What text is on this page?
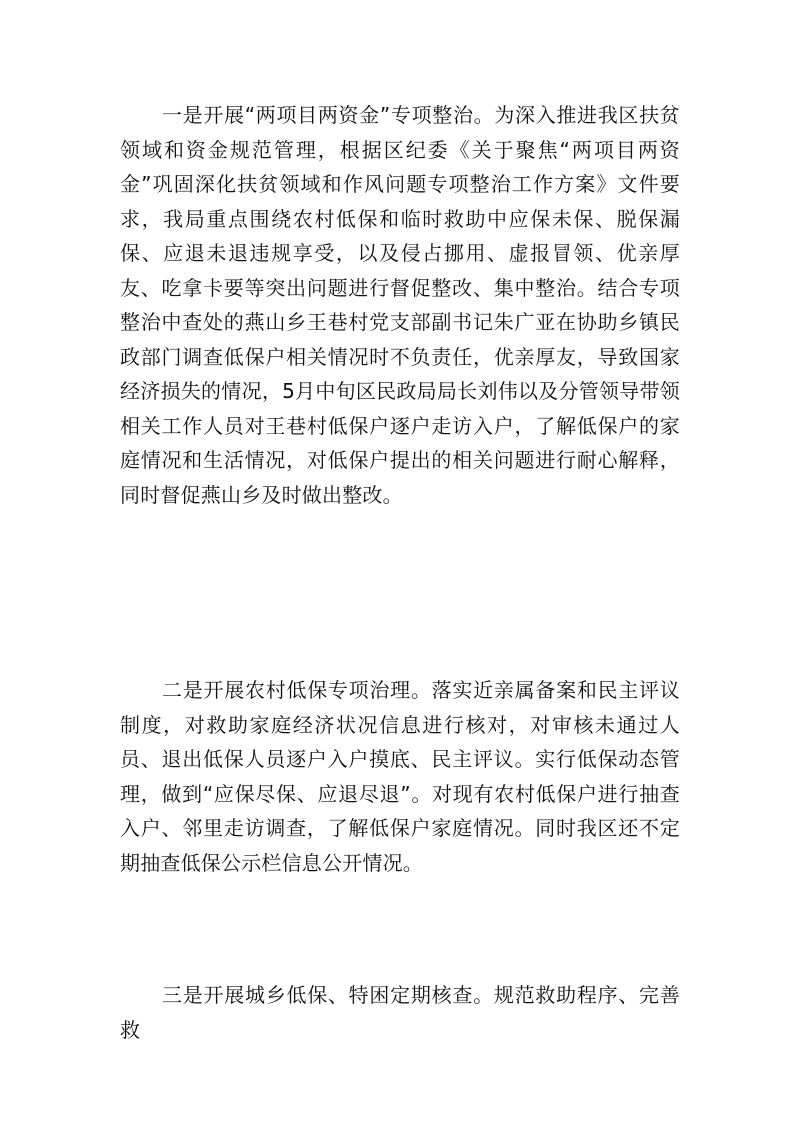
一是开展“两项目两资金”专项整治。为深入推进我区扶贫领域和资金规范管理，根据区纪委《关于聚焦“两项目两资金”巩固深化扶贫领域和作风问题专项整治工作方案》文件要求，我局重点围绕农村低保和临时救助中应保未保、脱保漏保、应退未退违规享受，以及侵占挪用、虚报冒领、优亲厚友、吃拿卡要等突出问题进行督促整改、集中整治。结合专项整治中查处的燕山乡王巷村党支部副书记朱广亚在协助乡镇民政部门调查低保户相关情况时不负责任，优亲厚友，导致国家经济损失的情况，5月中旬区民政局局长刘伟以及分管领导带领相关工作人员对王巷村低保户逐户走访入户，了解低保户的家庭情况和生活情况，对低保户提出的相关问题进行耐心解释，同时督促燕山乡及时做出整改。

二是开展农村低保专项治理。落实近亲属备案和民主评议制度，对救助家庭经济状况信息进行核对，对审核未通过人员、退出低保人员逐户入户摸底、民主评议。实行低保动态管理，做到“应保尽保、应退尽退”。对现有农村低保户进行抽查入户、邻里走访调查，了解低保户家庭情况。同时我区还不定期抽查低保公示栏信息公开情况。

三是开展城乡低保、特困定期核查。规范救助程序、完善救
